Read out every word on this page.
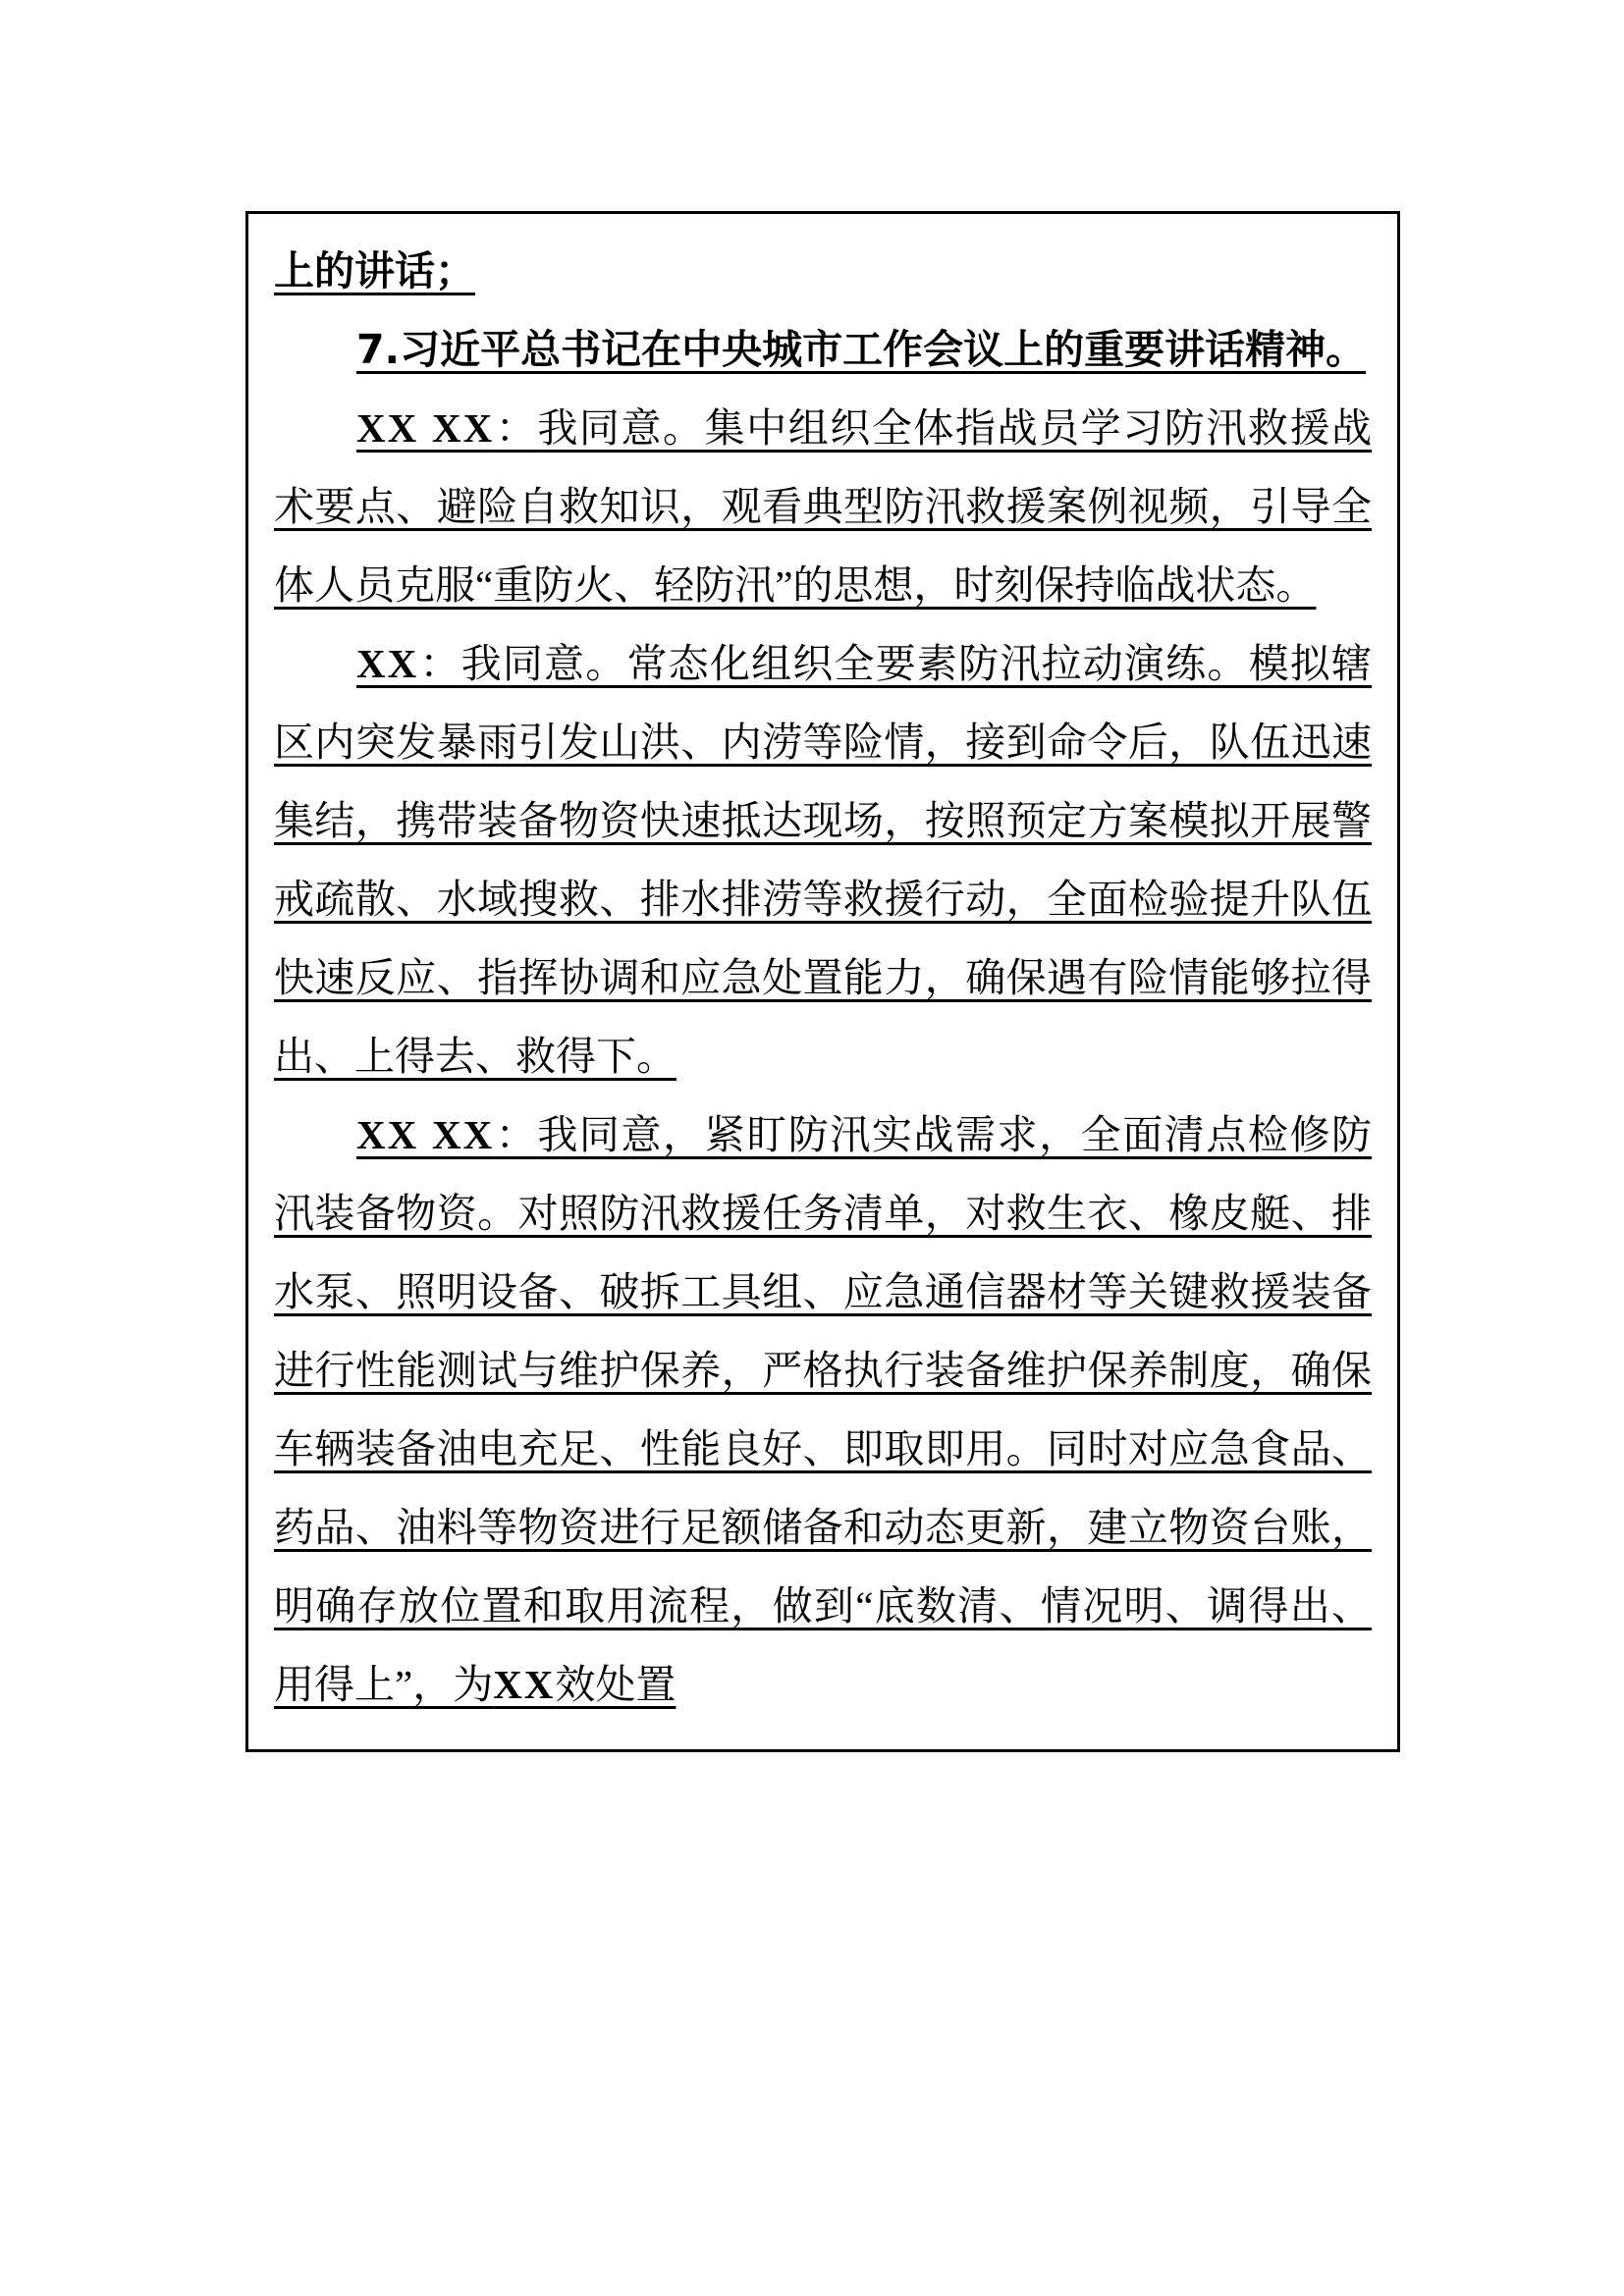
上的讲话；

7.习近平总书记在中央城市工作会议上的重要讲话精神。

XX XX：我同意。集中组织全体指战员学习防汛救援战术要点、避险自救知识，观看典型防汛救援案例视频，引导全体人员克服“重防火、轻防汛”的思想，时刻保持临战状态。

XX：我同意。常态化组织全要素防汛拉动演练。模拟辖区内突发暴雨引发山洪、内涝等险情，接到命令后，队伍迅速集结，携带装备物资快速抵达现场，按照预定方案模拟开展警戒疏散、水域搜救、排水排涝等救援行动，全面检验提升队伍快速反应、指挥协调和应急处置能力，确保遇有险情能够拉得出、上得去、救得下。

XX XX：我同意，紧盯防汛实战需求，全面清点检修防汛装备物资。对照防汛救援任务清单，对救生衣、橡皮艇、排水泵、照明设备、破拆工具组、应急通信器材等关键救援装备进行性能测试与维护保养，严格执行装备维护保养制度，确保车辆装备油电充足、性能良好、即取即用。同时对应急食品、药品、油料等物资进行足额储备和动态更新，建立物资台账，明确存放位置和取用流程，做到“底数清、情况明、调得出、用得上”，为XX效处置
